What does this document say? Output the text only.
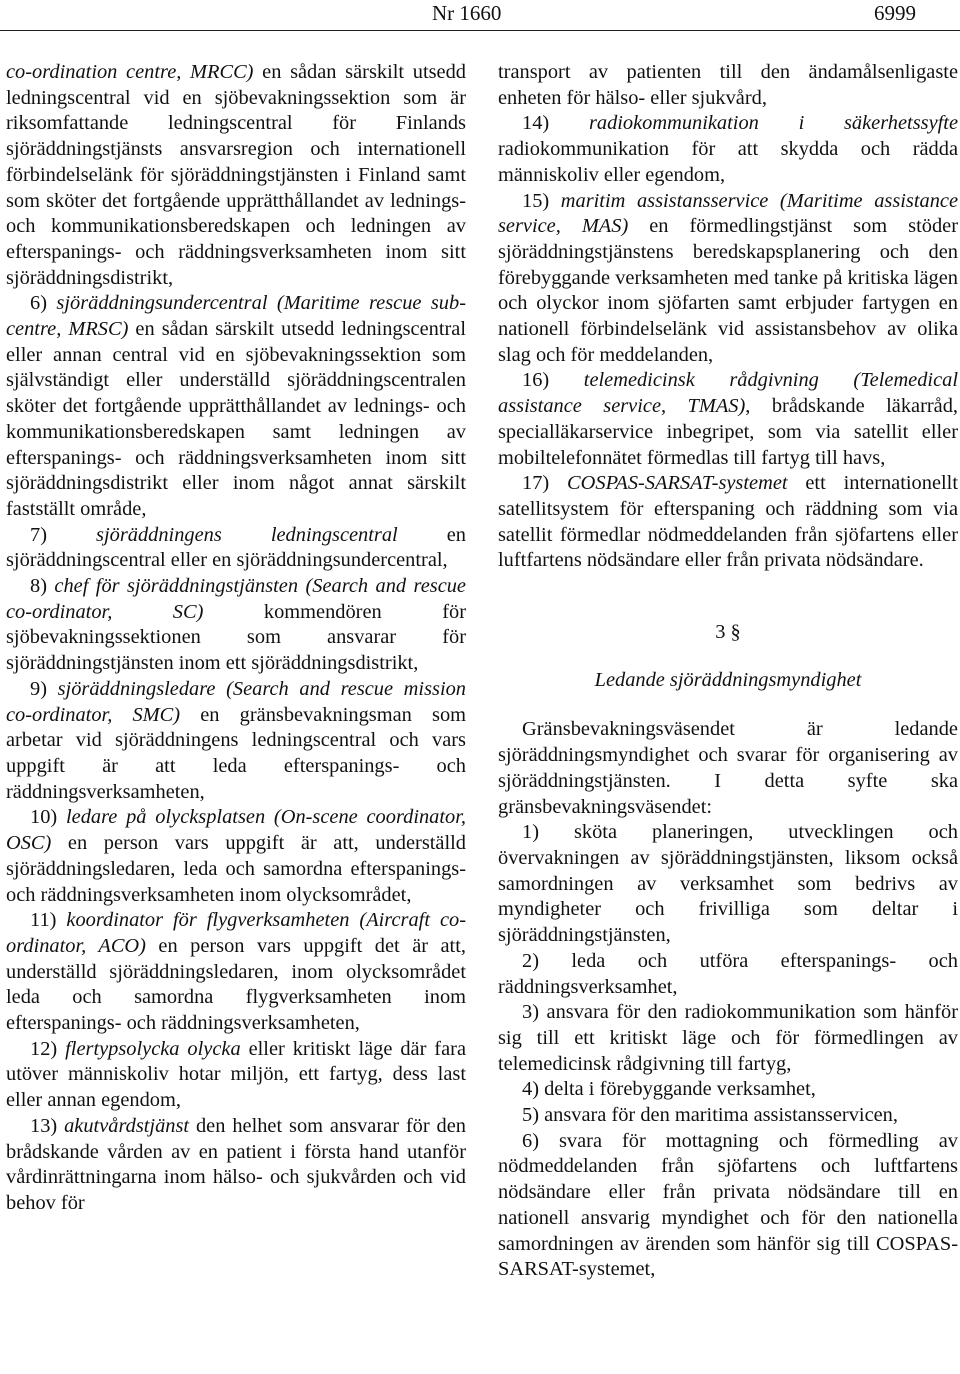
Nr 1660	6999

co-ordination centre, MRCC) en sådan särskilt utsedd ledningscentral vid en sjöbevakningssektion som är riksomfattande ledningscentral för Finlands sjöräddningstjänsts ansvarsregion och internationell förbindelselänk för sjöräddningstjänsten i Finland samt som sköter det fortgående upprätthållandet av lednings- och kommunikationsberedskapen och ledningen av efterspanings- och räddningsverksamheten inom sitt sjöräddningsdistrikt,

6) sjöräddningsundercentral (Maritime rescue sub-centre, MRSC) en sådan särskilt utsedd ledningscentral eller annan central vid en sjöbevakningssektion som självständigt eller underställd sjöräddningscentralen sköter det fortgående upprätthållandet av lednings- och kommunikationsberedskapen samt ledningen av efterspanings- och räddningsverksamheten inom sitt sjöräddningsdistrikt eller inom något annat särskilt fastställt område,

7) sjöräddningens ledningscentral en sjöräddningscentral eller en sjöräddningsundercentral,

8) chef för sjöräddningstjänsten (Search and rescue co-ordinator, SC) kommendören för sjöbevakningssektionen som ansvarar för sjöräddningstjänsten inom ett sjöräddningsdistrikt,

9) sjöräddningsledare (Search and rescue mission co-ordinator, SMC) en gränsbevakningsman som arbetar vid sjöräddningens ledningscentral och vars uppgift är att leda efterspanings- och räddningsverksamheten,

10) ledare på olycksplatsen (On-scene coordinator, OSC) en person vars uppgift är att, underställd sjöräddningsledaren, leda och samordna efterspanings- och räddningsverksamheten inom olycksområdet,

11) koordinator för flygverksamheten (Aircraft co-ordinator, ACO) en person vars uppgift det är att, underställd sjöräddningsledaren, inom olycksområdet leda och samordna flygverksamheten inom efterspanings- och räddningsverksamheten,

12) flertypsolycka olycka eller kritiskt läge där fara utöver människoliv hotar miljön, ett fartyg, dess last eller annan egendom,

13) akutvårdstjänst den helhet som ansvarar för den brådskande vården av en patient i första hand utanför vårdinrättningarna inom hälso- och sjukvården och vid behov för

transport av patienten till den ändamålsenligaste enheten för hälso- eller sjukvård,

14) radiokommunikation i säkerhetssyfte radiokommunikation för att skydda och rädda människoliv eller egendom,

15) maritim assistansservice (Maritime assistance service, MAS) en förmedlingstjänst som stöder sjöräddningstjänstens beredskapsplanering och den förebyggande verksamheten med tanke på kritiska lägen och olyckor inom sjöfarten samt erbjuder fartygen en nationell förbindelselänk vid assistansbehov av olika slag och för meddelanden,

16) telemedicinsk rådgivning (Telemedical assistance service, TMAS), brådskande läkarråd, specialläkarservice inbegripet, som via satellit eller mobiltelefonnätet förmedlas till fartyg till havs,

17) COSPAS-SARSAT-systemet ett internationellt satellitsystem för efterspaning och räddning som via satellit förmedlar nödmeddelanden från sjöfartens eller luftfartens nödsändare eller från privata nödsändare.

3 §

Ledande sjöräddningsmyndighet

Gränsbevakningsväsendet är ledande sjöräddningsmyndighet och svarar för organisering av sjöräddningstjänsten. I detta syfte ska gränsbevakningsväsendet:

1) sköta planeringen, utvecklingen och övervakningen av sjöräddningstjänsten, liksom också samordningen av verksamhet som bedrivs av myndigheter och frivilliga som deltar i sjöräddningstjänsten,

2) leda och utföra efterspanings- och räddningsverksamhet,

3) ansvara för den radiokommunikation som hänför sig till ett kritiskt läge och för förmedlingen av telemedicinsk rådgivning till fartyg,

4) delta i förebyggande verksamhet,

5) ansvara för den maritima assistansservicen,

6) svara för mottagning och förmedling av nödmeddelanden från sjöfartens och luftfartens nödsändare eller från privata nödsändare till en nationell ansvarig myndighet och för den nationella samordningen av ärenden som hänför sig till COSPAS-SARSAT-systemet,
